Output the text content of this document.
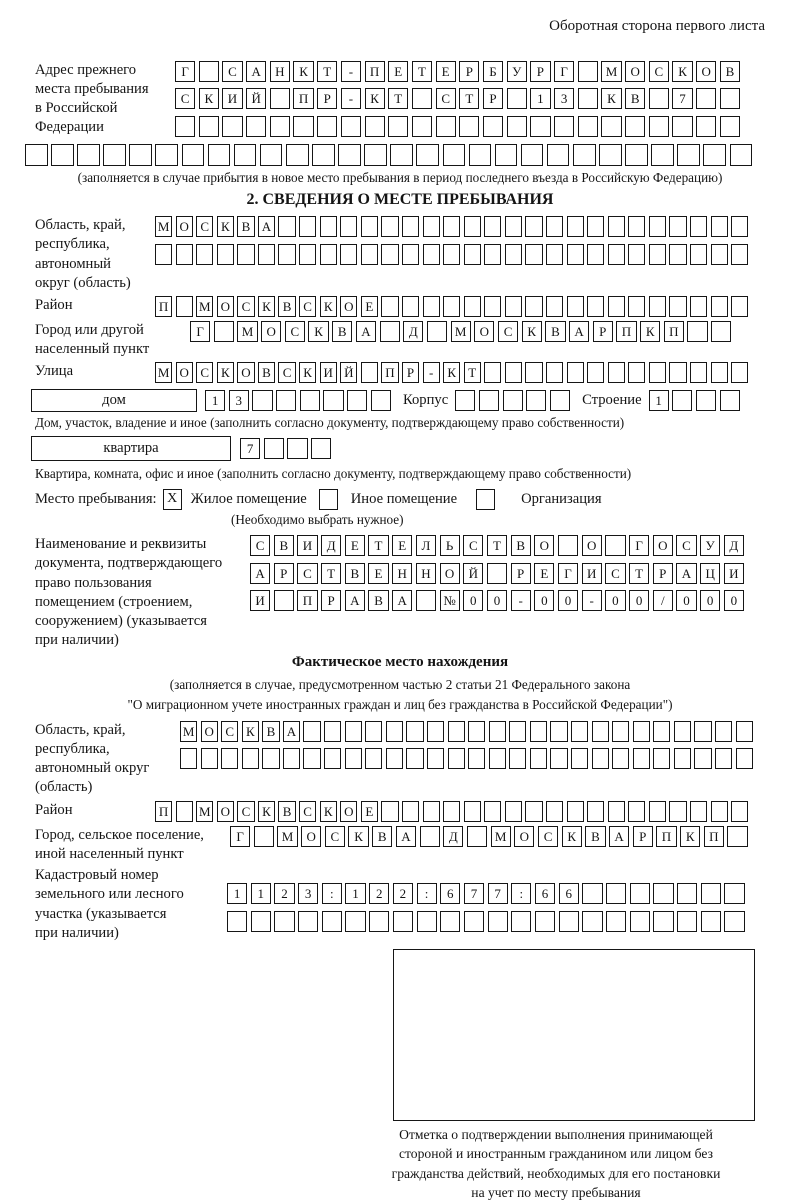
Оборотная сторона первого листа
Адрес прежнего
места пребывания
в Российской
Федерации
Г	С	А	Н	К	Т	-	П	Е	Т	Е	Р	Б	У	Р	Г	М	О	С	К	О	В
С	К	И	Й	П	Р	-	К	Т	С	Т	Р	1	3	К	В	7
(заполняется в случае прибытия в новое место пребывания в период последнего въезда в Российскую Федерацию)
2. СВЕДЕНИЯ О МЕСТЕ ПРЕБЫВАНИЯ
Область, край,
республика,
автономный
округ (область)
М О С К В А
Район	П	М О С К В С К О Е
Город или другой
населенный пункт
Г	М	О	С	К	В	А	Д	М	О	С	К	В	А	Р	П	К	П
Улица	М О С К О В С К И Й	П Р	-	К Т
дом	1	3	Корпус	Строение	1
Дом, участок, владение и иное (заполнить согласно документу, подтверждающему право собственности)
квартира	7
Квартира, комната, офис и иное (заполнить согласно документу, подтверждающему право собственности)
Место пребывания: X Жилое помещение	Иное помещение	Организация
(Необходимо выбрать нужное)
Наименование и реквизиты
документа, подтверждающего
право пользования
помещением (строением,
сооружением) (указывается
при наличии)
С	В	И	Д	Е	Т	Е	Л	Ь	С	Т	В	О	О	Г	О	С	У	Д
А	Р	С	Т	В	Е	Н	Н	О	Й	Р	Е	Г	И	С	Т	Р	А	Ц	И
И	П	Р	А	В	А	№	0	0	-	0	0	-	0	0	/	0	0	0
Фактическое место нахождения
(заполняется в случае, предусмотренном частью 2 статьи 21 Федерального закона
"О миграционном учете иностранных граждан и лиц без гражданства в Российской Федерации")
Область, край,
республика,
автономный округ
(область)
М О С К В А
Район	П	М О С К В С К О Е
Город, сельское поселение,
иной населенный пункт
Г	М	О	С	К	В	А	Д	М	О	С	К	В	А	Р	П	К	П
Кадастровый номер
земельного или лесного
участка (указывается
при наличии)
1	1	2	3	:	1	2	2	:	6	7	7	:	6	6
Отметка о подтверждении выполнения принимающей
стороной и иностранным гражданином или лицом без
гражданства действий, необходимых для его постановки
на учет по месту пребывания
